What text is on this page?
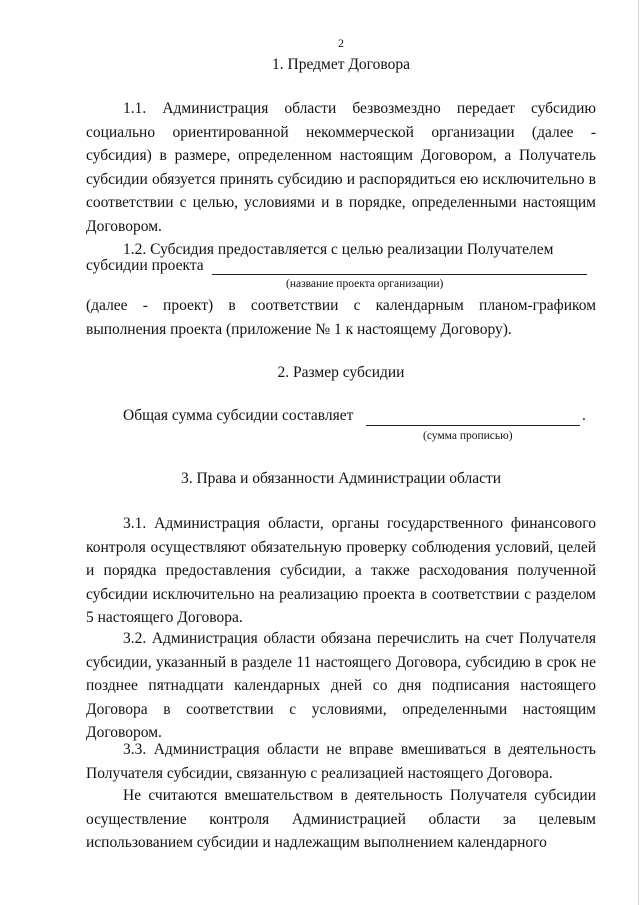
2
1. Предмет Договора
1.1. Администрация области безвозмездно передает субсидию социально ориентированной некоммерческой организации (далее - субсидия) в размере, определенном настоящим Договором, а Получатель субсидии обязуется принять субсидию и распорядиться ею исключительно в соответствии с целью, условиями и в порядке, определенными настоящим Договором.
1.2. Субсидия предоставляется с целью реализации Получателем
субсидии проекта
(название проекта организации)
(далее - проект) в соответствии с календарным планом-графиком выполнения проекта (приложение № 1 к настоящему Договору).
2. Размер субсидии
Общая сумма субсидии составляет	.
(сумма прописью)
3. Права и обязанности Администрации области
3.1. Администрация области, органы государственного финансового контроля осуществляют обязательную проверку соблюдения условий, целей и порядка предоставления субсидии, а также расходования полученной субсидии исключительно на реализацию проекта в соответствии с разделом 5 настоящего Договора.
3.2. Администрация области обязана перечислить на счет Получателя субсидии, указанный в разделе 11 настоящего Договора, субсидию в срок не позднее пятнадцати календарных дней со дня подписания настоящего Договора в соответствии с условиями, определенными настоящим Договором.
3.3. Администрация области не вправе вмешиваться в деятельность Получателя субсидии, связанную с реализацией настоящего Договора.
Не считаются вмешательством в деятельность Получателя субсидии осуществление контроля Администрацией области за целевым использованием субсидии и надлежащим выполнением календарного
